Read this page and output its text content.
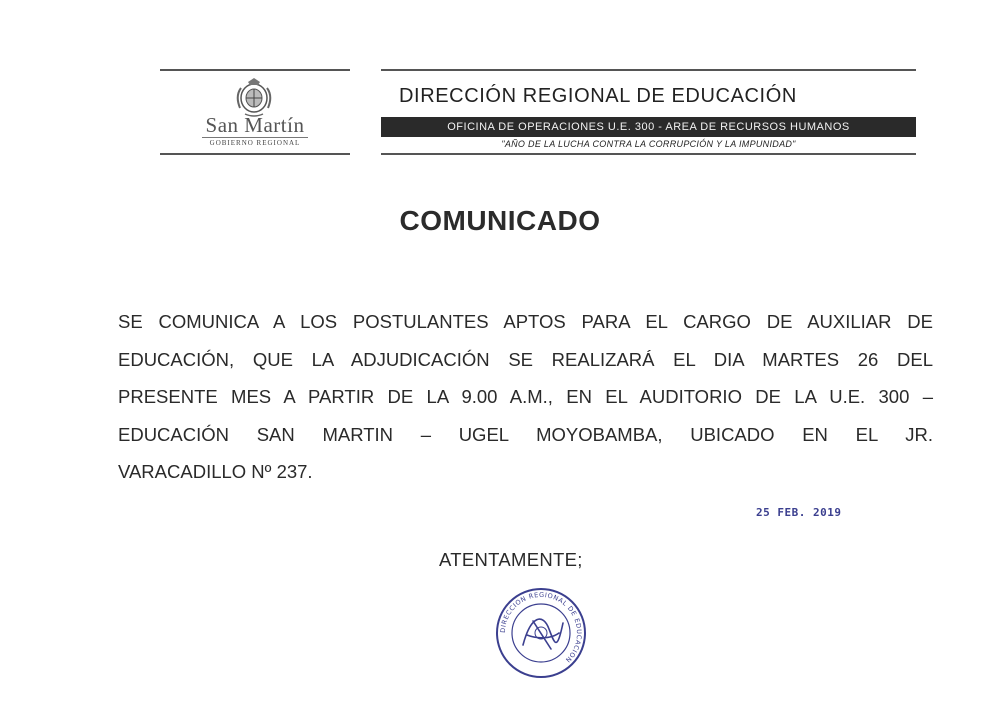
San Martín
GOBIERNO REGIONAL
DIRECCIÓN REGIONAL DE EDUCACIÓN
OFICINA DE OPERACIONES U.E. 300 - AREA DE RECURSOS HUMANOS
"AÑO DE LA LUCHA CONTRA LA CORRUPCIÓN Y LA IMPUNIDAD"
COMUNICADO
SE COMUNICA A LOS POSTULANTES APTOS PARA EL CARGO DE AUXILIAR DE
EDUCACIÓN, QUE LA ADJUDICACIÓN SE REALIZARÁ EL DIA MARTES 26 DEL
PRESENTE MES A PARTIR DE LA 9.00 A.M., EN EL AUDITORIO DE LA U.E. 300 –
EDUCACIÓN SAN MARTIN – UGEL MOYOBAMBA, UBICADO EN EL JR.
VARACADILLO Nº 237.
25 FEB. 2019
ATENTAMENTE;
DIRECCION REGIONAL DE EDUCACION
